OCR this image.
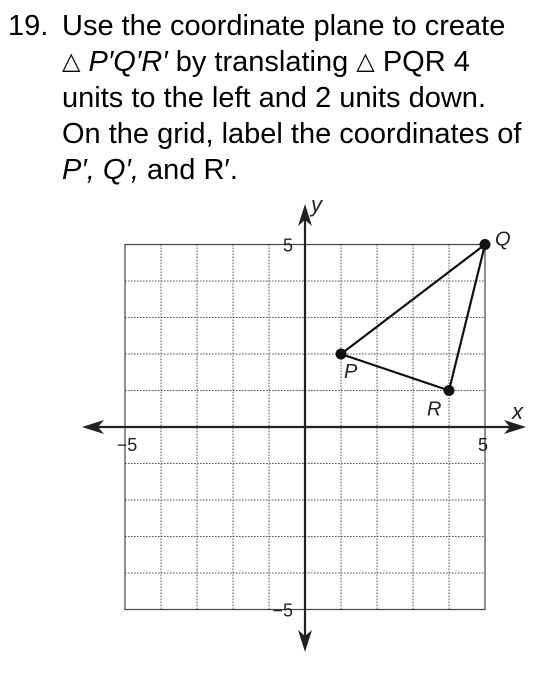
19. Use the coordinate plane to create
△ P′Q′R′ by translating △ PQR 4
units to the left and 2 units down.
On the grid, label the coordinates of
P′, Q′, and R′.
y
x
5
−5
−5	5
P
Q
R
